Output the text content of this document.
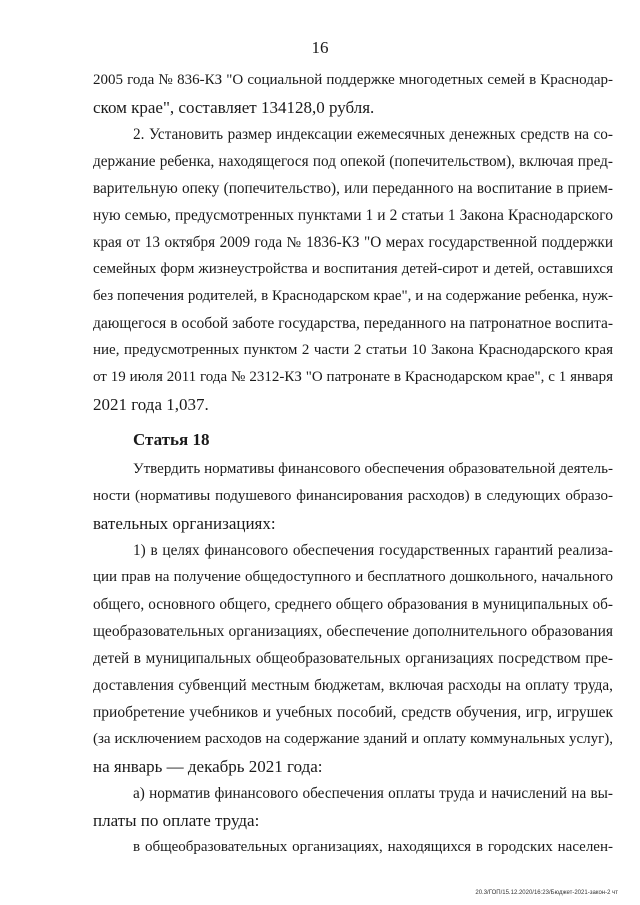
16
2005 года № 836-КЗ "О социальной поддержке многодетных семей в Краснодар-
ском крае", составляет 134128,0 рубля.
2. Установить размер индексации ежемесячных денежных средств на со-
держание ребенка, находящегося под опекой (попечительством), включая пред-
варительную опеку (попечительство), или переданного на воспитание в прием-
ную семью, предусмотренных пунктами 1 и 2 статьи 1 Закона Краснодарского
края от 13 октября 2009 года № 1836-КЗ "О мерах государственной поддержки
семейных форм жизнеустройства и воспитания детей-сирот и детей, оставшихся
без попечения родителей, в Краснодарском крае", и на содержание ребенка, нуж-
дающегося в особой заботе государства, переданного на патронатное воспита-
ние, предусмотренных пунктом 2 части 2 статьи 10 Закона Краснодарского края
от 19 июля 2011 года № 2312-КЗ "О патронате в Краснодарском крае", с 1 января
2021 года 1,037.
Статья 18
Утвердить нормативы финансового обеспечения образовательной деятель-
ности (нормативы подушевого финансирования расходов) в следующих образо-
вательных организациях:
1) в целях финансового обеспечения государственных гарантий реализа-
ции прав на получение общедоступного и бесплатного дошкольного, начального
общего, основного общего, среднего общего образования в муниципальных об-
щеобразовательных организациях, обеспечение дополнительного образования
детей в муниципальных общеобразовательных организациях посредством пре-
доставления субвенций местным бюджетам, включая расходы на оплату труда,
приобретение учебников и учебных пособий, средств обучения, игр, игрушек
(за исключением расходов на содержание зданий и оплату коммунальных услуг),
на январь — декабрь 2021 года:
а) норматив финансового обеспечения оплаты труда и начислений на вы-
платы по оплате труда:
в общеобразовательных организациях, находящихся в городских населен-
20.3/ГОП/15.12.2020/16:23/Бюджет-2021-закон-2 чт
